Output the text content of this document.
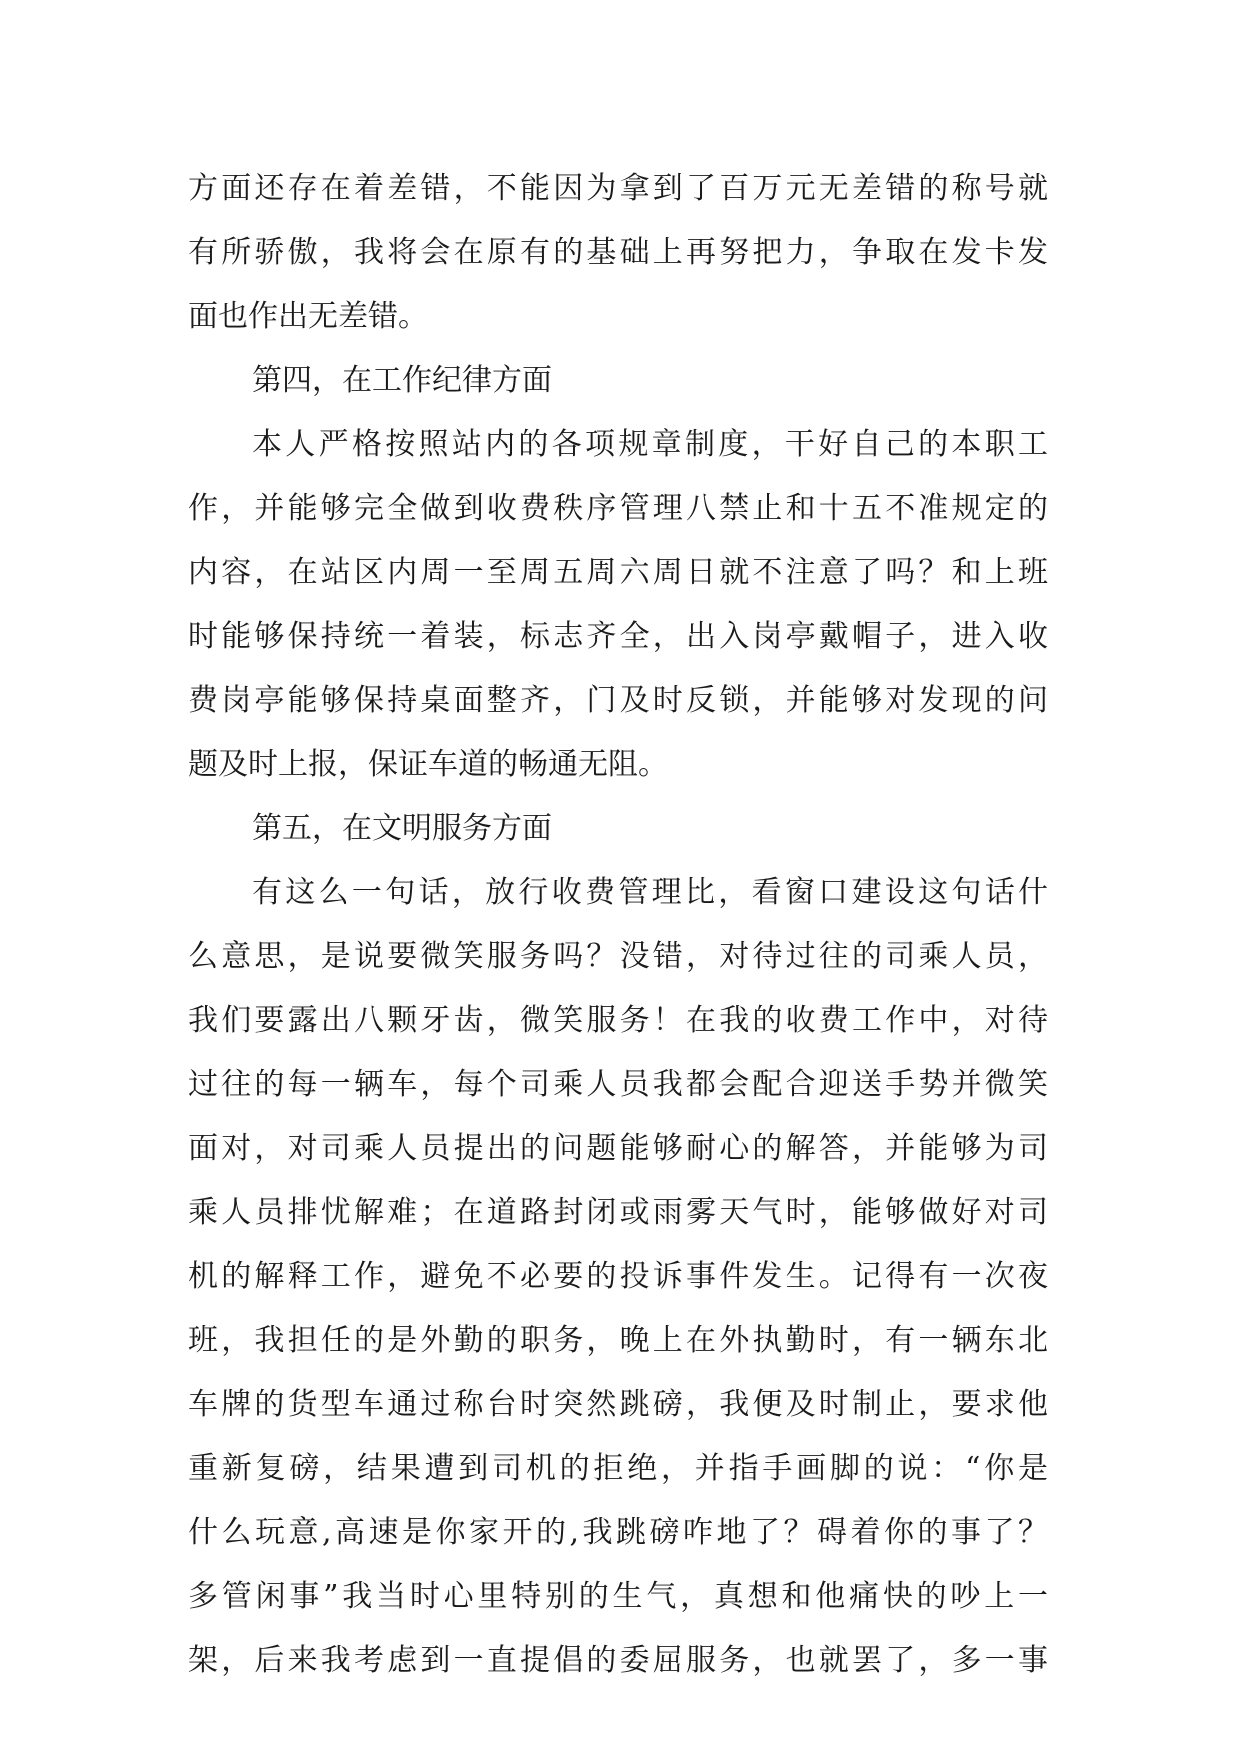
方面还存在着差错，不能因为拿到了百万元无差错的称号就
有所骄傲，我将会在原有的基础上再努把力，争取在发卡发
面也作出无差错。
第四，在工作纪律方面
本人严格按照站内的各项规章制度，干好自己的本职工
作，并能够完全做到收费秩序管理八禁止和十五不准规定的
内容，在站区内周一至周五周六周日就不注意了吗？和上班
时能够保持统一着装，标志齐全，出入岗亭戴帽子，进入收
费岗亭能够保持桌面整齐，门及时反锁，并能够对发现的问
题及时上报，保证车道的畅通无阻。
第五，在文明服务方面
有这么一句话，放行收费管理比，看窗口建设这句话什
么意思，是说要微笑服务吗？没错，对待过往的司乘人员，
我们要露出八颗牙齿，微笑服务！在我的收费工作中，对待
过往的每一辆车，每个司乘人员我都会配合迎送手势并微笑
面对，对司乘人员提出的问题能够耐心的解答，并能够为司
乘人员排忧解难；在道路封闭或雨雾天气时，能够做好对司
机的解释工作，避免不必要的投诉事件发生。记得有一次夜
班，我担任的是外勤的职务，晚上在外执勤时，有一辆东北
车牌的货型车通过称台时突然跳磅，我便及时制止，要求他
重新复磅，结果遭到司机的拒绝，并指手画脚的说：“你是
什么玩意,高速是你家开的,我跳磅咋地了？碍着你的事了？
多管闲事”我当时心里特别的生气，真想和他痛快的吵上一
架，后来我考虑到一直提倡的委屈服务，也就罢了，多一事
